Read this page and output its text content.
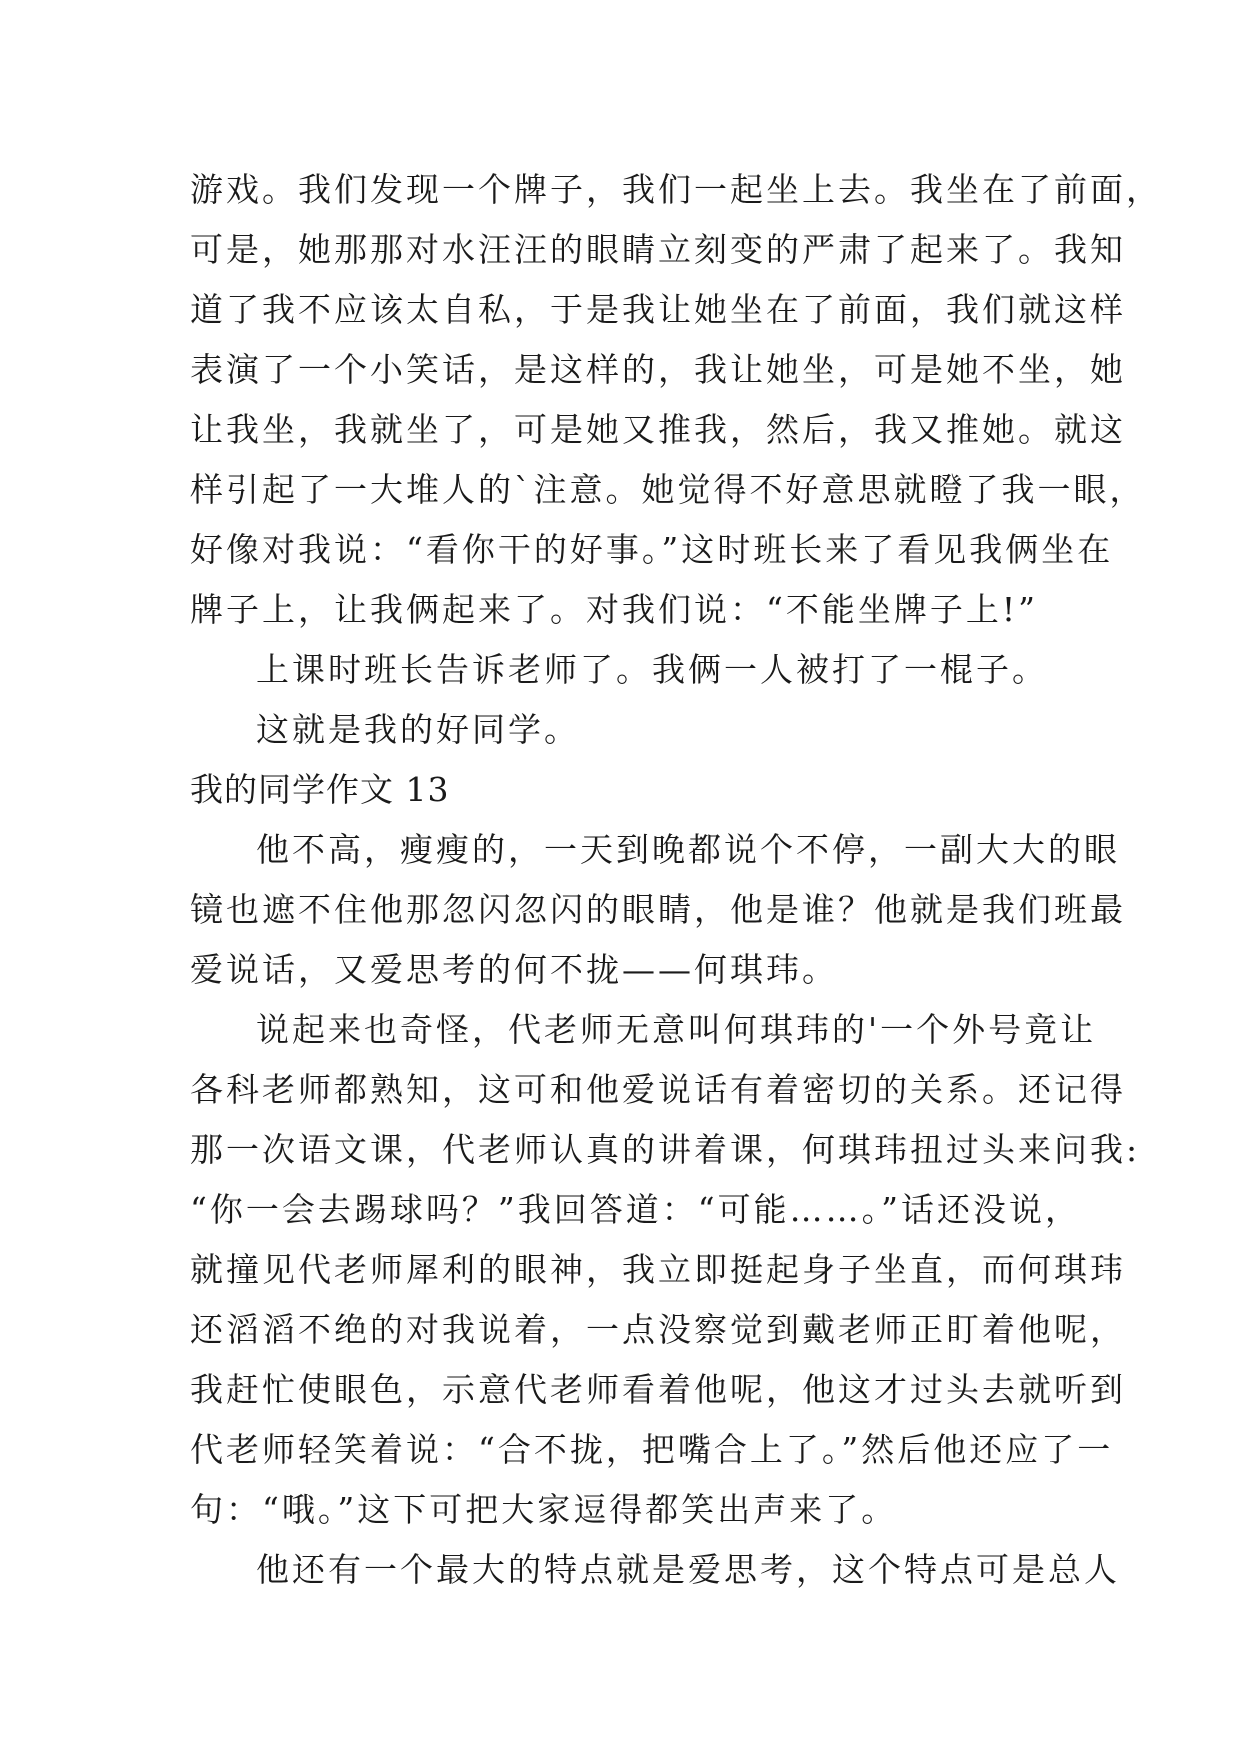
游戏。我们发现一个牌子，我们一起坐上去。我坐在了前面，
可是，她那那对水汪汪的眼睛立刻变的严肃了起来了。我知
道了我不应该太自私，于是我让她坐在了前面，我们就这样
表演了一个小笑话，是这样的，我让她坐，可是她不坐，她
让我坐，我就坐了，可是她又推我，然后，我又推她。就这
样引起了一大堆人的`注意。她觉得不好意思就瞪了我一眼，
好像对我说：“看你干的好事。”这时班长来了看见我俩坐在
牌子上，让我俩起来了。对我们说：“不能坐牌子上!”
上课时班长告诉老师了。我俩一人被打了一棍子。
这就是我的好同学。
我的同学作文 13
他不高，瘦瘦的，一天到晚都说个不停，一副大大的眼
镜也遮不住他那忽闪忽闪的眼睛，他是谁？他就是我们班最
爱说话，又爱思考的何不拢——何琪玮。
说起来也奇怪，代老师无意叫何琪玮的'一个外号竟让
各科老师都熟知，这可和他爱说话有着密切的关系。还记得
那一次语文课，代老师认真的讲着课，何琪玮扭过头来问我:
“你一会去踢球吗？”我回答道：“可能……。”话还没说，
就撞见代老师犀利的眼神，我立即挺起身子坐直，而何琪玮
还滔滔不绝的对我说着，一点没察觉到戴老师正盯着他呢，
我赶忙使眼色，示意代老师看着他呢，他这才过头去就听到
代老师轻笑着说：“合不拢，把嘴合上了。”然后他还应了一
句：“哦。”这下可把大家逗得都笑出声来了。
他还有一个最大的特点就是爱思考，这个特点可是总人
